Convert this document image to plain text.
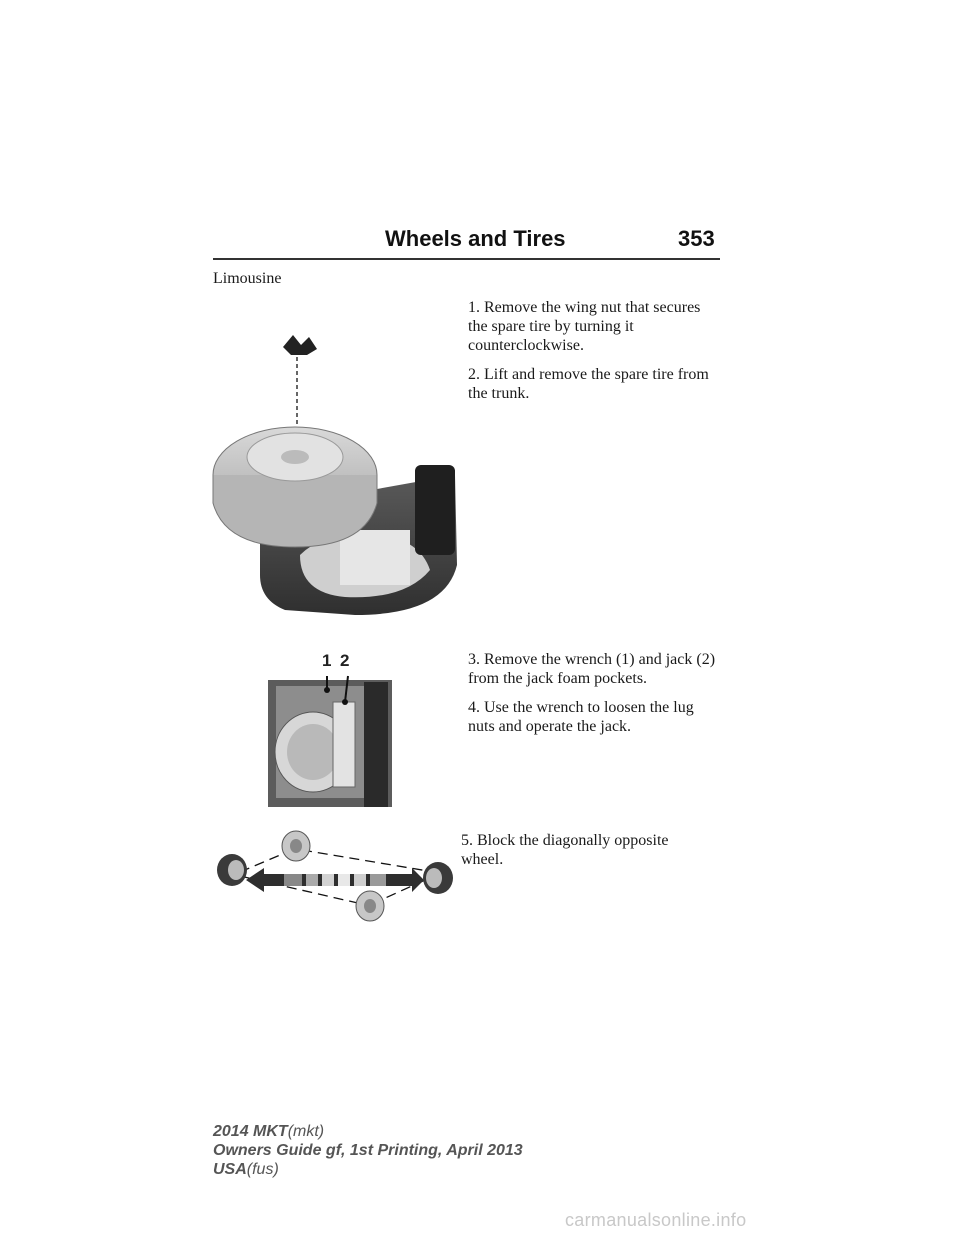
Wheels and Tires	353
Limousine

1. Remove the wing nut that secures the spare tire by turning it counterclockwise.

2. Lift and remove the spare tire from the trunk.

1 2	3. Remove the wrench (1) and jack (2) from the jack foam pockets.

4. Use the wrench to loosen the lug nuts and operate the jack.

5. Block the diagonally opposite wheel.

2014 MKT(mkt)
Owners Guide gf, 1st Printing, April 2013
USA(fus)
carmanualsonline.info
